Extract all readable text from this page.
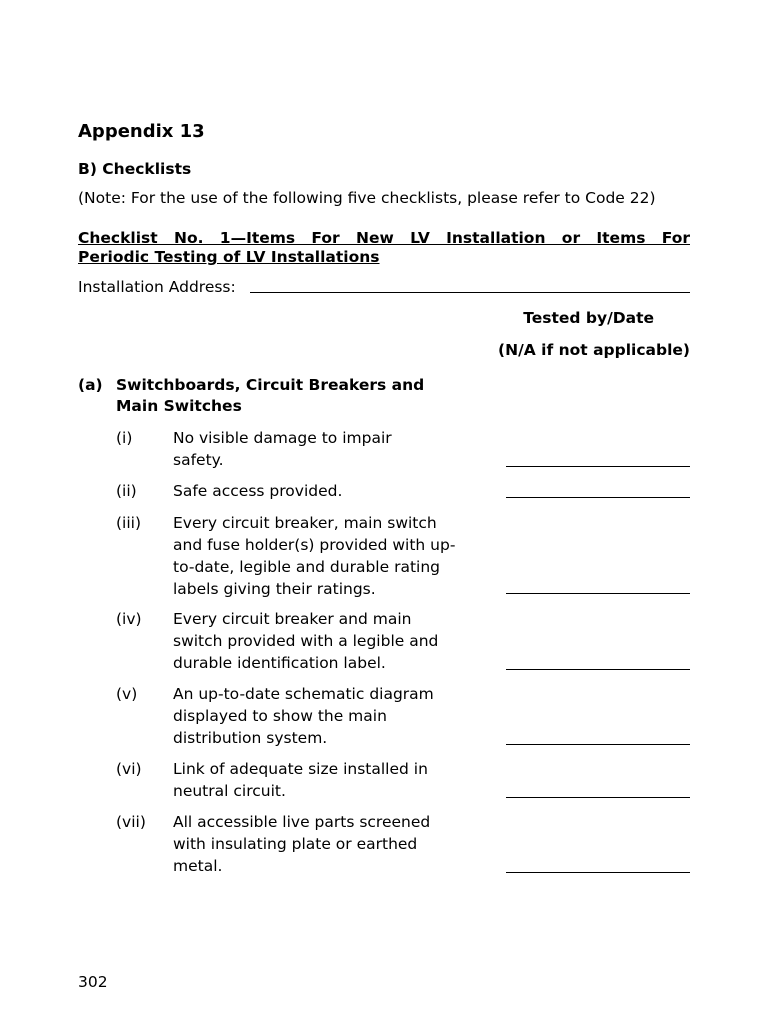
Appendix 13
B) Checklists
(Note: For the use of the following five checklists, please refer to Code 22)
Checklist No. 1—Items For New LV Installation or Items For
Periodic Testing of LV Installations
Installation Address:
Tested by/Date
(N/A if not applicable)
(a) Switchboards, Circuit Breakers and
Main Switches
(i)	No visible damage to impair
safety.
(ii) Safe access provided.
(iii) Every circuit breaker, main switch
and fuse holder(s) provided with up-
to-date, legible and durable rating
labels giving their ratings.
(iv) Every circuit breaker and main
switch provided with a legible and
durable identification label.
(v) An up-to-date schematic diagram
displayed to show the main
distribution system.
(vi) Link of adequate size installed in
neutral circuit.
(vii) All accessible live parts screened
with insulating plate or earthed
metal.
302
